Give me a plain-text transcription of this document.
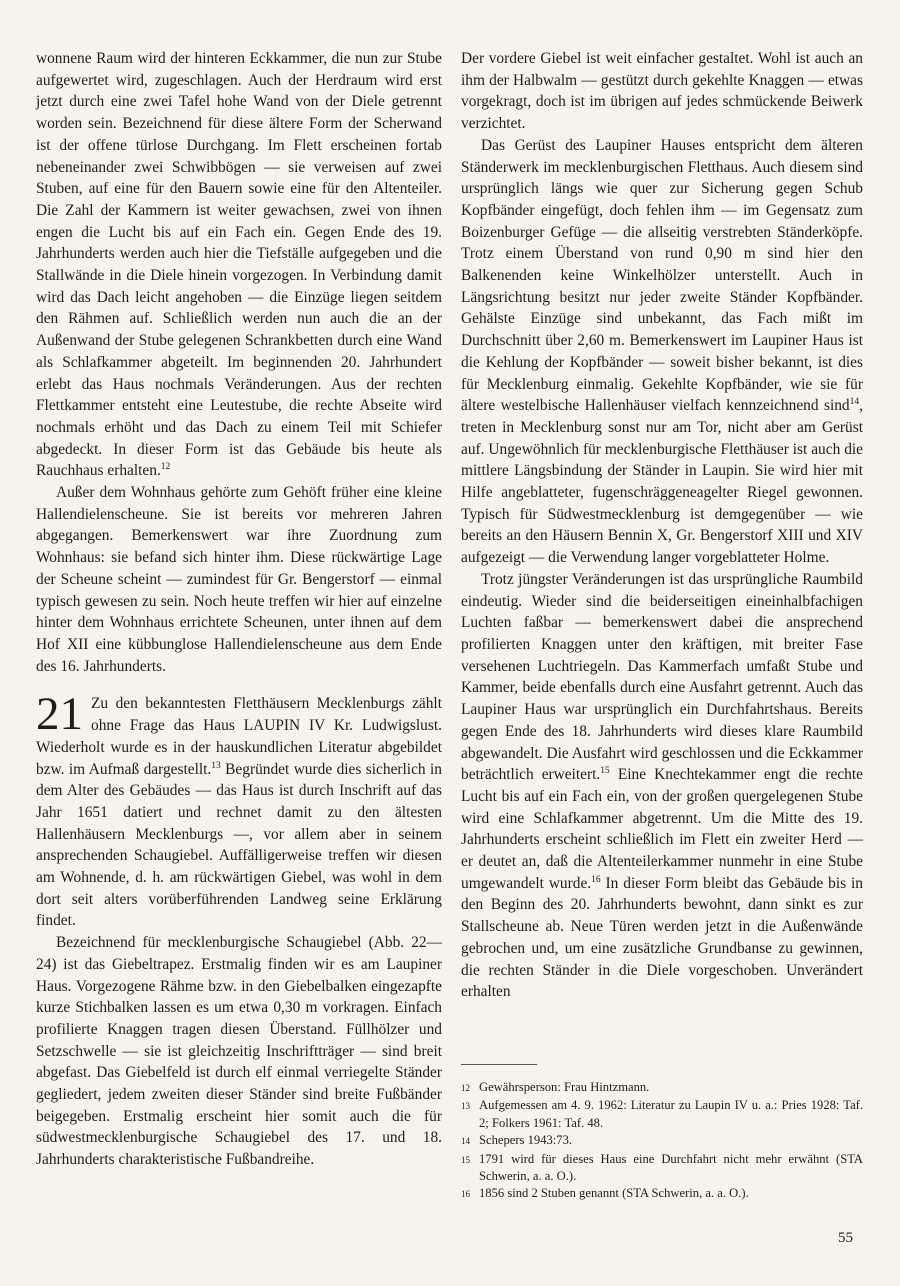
wonnene Raum wird der hinteren Eckkammer, die nun zur Stube aufgewertet wird, zugeschlagen. Auch der Herdraum wird erst jetzt durch eine zwei Tafel hohe Wand von der Diele getrennt worden sein. Bezeichnend für diese ältere Form der Scherwand ist der offene türlose Durchgang. Im Flett erscheinen fortab nebeneinander zwei Schwibbögen — sie verweisen auf zwei Stuben, auf eine für den Bauern sowie eine für den Altenteiler. Die Zahl der Kammern ist weiter gewachsen, zwei von ihnen engen die Lucht bis auf ein Fach ein. Gegen Ende des 19. Jahrhunderts werden auch hier die Tiefställe aufgegeben und die Stallwände in die Diele hinein vorgezogen. In Verbindung damit wird das Dach leicht angehoben — die Einzüge liegen seitdem den Rähmen auf. Schließlich werden nun auch die an der Außenwand der Stube gelegenen Schrankbetten durch eine Wand als Schlafkammer abgeteilt. Im beginnenden 20. Jahrhundert erlebt das Haus nochmals Veränderungen. Aus der rechten Flettkammer entsteht eine Leutestube, die rechte Abseite wird nochmals erhöht und das Dach zu einem Teil mit Schiefer abgedeckt. In dieser Form ist das Gebäude bis heute als Rauchhaus erhalten.$^{12}$

Außer dem Wohnhaus gehörte zum Gehöft früher eine kleine Hallendielenscheune. Sie ist bereits vor mehreren Jahren abgegangen. Bemerkenswert war ihre Zuordnung zum Wohnhaus: sie befand sich hinter ihm. Diese rückwärtige Lage der Scheune scheint — zumindest für Gr. Bengerstorf — einmal typisch gewesen zu sein. Noch heute treffen wir hier auf einzelne hinter dem Wohnhaus errichtete Scheunen, unter ihnen auf dem Hof XII eine kübbunglose Hallendielenscheune aus dem Ende des 16. Jahrhunderts.

21 Zu den bekanntesten Fletthäusern Mecklenburgs zählt ohne Frage das Haus LAUPIN IV Kr. Ludwigslust. Wiederholt wurde es in der hauskundlichen Literatur abgebildet bzw. im Aufmaß dargestellt.$^{13}$ Begründet wurde dies sicherlich in dem Alter des Gebäudes — das Haus ist durch Inschrift auf das Jahr 1651 datiert und rechnet damit zu den ältesten Hallenhäusern Mecklenburgs —, vor allem aber in seinem ansprechenden Schaugiebel. Auffälligerweise treffen wir diesen am Wohnende, d. h. am rückwärtigen Giebel, was wohl in dem dort seit alters vorüberführenden Landweg seine Erklärung findet.

Bezeichnend für mecklenburgische Schaugiebel (Abb. 22—24) ist das Giebeltrapez. Erstmalig finden wir es am Laupiner Haus. Vorgezogene Rähme bzw. in den Giebelbalken eingezapfte kurze Stichbalken lassen es um etwa 0,30 m vorkragen. Einfach profilierte Knaggen tragen diesen Überstand. Füllhölzer und Setzschwelle — sie ist gleichzeitig Inschriftträger — sind breit abgefast. Das Giebelfeld ist durch elf einmal verriegelte Ständer gegliedert, jedem zweiten dieser Ständer sind breite Fußbänder beigegeben. Erstmalig erscheint hier somit auch die für südwestmecklenburgische Schaugiebel des 17. und 18. Jahrhunderts charakteristische Fußbandreihe.

Der vordere Giebel ist weit einfacher gestaltet. Wohl ist auch an ihm der Halbwalm — gestützt durch gekehlte Knaggen — etwas vorgekragt, doch ist im übrigen auf jedes schmückende Beiwerk verzichtet.

Das Gerüst des Laupiner Hauses entspricht dem älteren Ständerwerk im mecklenburgischen Fletthaus. Auch diesem sind ursprünglich längs wie quer zur Sicherung gegen Schub Kopfbänder eingefügt, doch fehlen ihm — im Gegensatz zum Boizenburger Gefüge — die allseitig verstrebten Ständerköpfe. Trotz einem Überstand von rund 0,90 m sind hier den Balkenenden keine Winkelhölzer unterstellt. Auch in Längsrichtung besitzt nur jeder zweite Ständer Kopfbänder. Gehälste Einzüge sind unbekannt, das Fach mißt im Durchschnitt über 2,60 m. Bemerkenswert im Laupiner Haus ist die Kehlung der Kopfbänder — soweit bisher bekannt, ist dies für Mecklenburg einmalig. Gekehlte Kopfbänder, wie sie für ältere westelbische Hallenhäuser vielfach kennzeichnend sind$^{14}$, treten in Mecklenburg sonst nur am Tor, nicht aber am Gerüst auf. Ungewöhnlich für mecklenburgische Fletthäuser ist auch die mittlere Längsbindung der Ständer in Laupin. Sie wird hier mit Hilfe angeblatteter, fugenschräggeneagelter Riegel gewonnen. Typisch für Südwestmecklenburg ist demgegenüber — wie bereits an den Häusern Bennin X, Gr. Bengerstorf XIII und XIV aufgezeigt — die Verwendung langer vorgeblatteter Holme.

Trotz jüngster Veränderungen ist das ursprüngliche Raumbild eindeutig. Wieder sind die beiderseitigen eineinhalbfachigen Luchten faßbar — bemerkenswert dabei die ansprechend profilierten Knaggen unter den kräftigen, mit breiter Fase versehenen Luchtriegeln. Das Kammerfach umfaßt Stube und Kammer, beide ebenfalls durch eine Ausfahrt getrennt. Auch das Laupiner Haus war ursprünglich ein Durchfahrtshaus. Bereits gegen Ende des 18. Jahrhunderts wird dieses klare Raumbild abgewandelt. Die Ausfahrt wird geschlossen und die Eckkammer beträchtlich erweitert.$^{15}$ Eine Knechtekammer engt die rechte Lucht bis auf ein Fach ein, von der großen quergelegenen Stube wird eine Schlafkammer abgetrennt. Um die Mitte des 19. Jahrhunderts erscheint schließlich im Flett ein zweiter Herd — er deutet an, daß die Altenteilerkammer nunmehr in eine Stube umgewandelt wurde.$^{16}$ In dieser Form bleibt das Gebäude bis in den Beginn des 20. Jahrhunderts bewohnt, dann sinkt es zur Stallscheune ab. Neue Türen werden jetzt in die Außenwände gebrochen und, um eine zusätzliche Grundbanse zu gewinnen, die rechten Ständer in die Diele vorgeschoben. Unverändert erhalten

12 Gewährsperson: Frau Hintzmann.
13 Aufgemessen am 4. 9. 1962: Literatur zu Laupin IV u. a.: Pries 1928: Taf. 2; Folkers 1961: Taf. 48.
14 Schepers 1943:73.
15 1791 wird für dieses Haus eine Durchfahrt nicht mehr erwähnt (STA Schwerin, a. a. O.).
16 1856 sind 2 Stuben genannt (STA Schwerin, a. a. O.).
55
